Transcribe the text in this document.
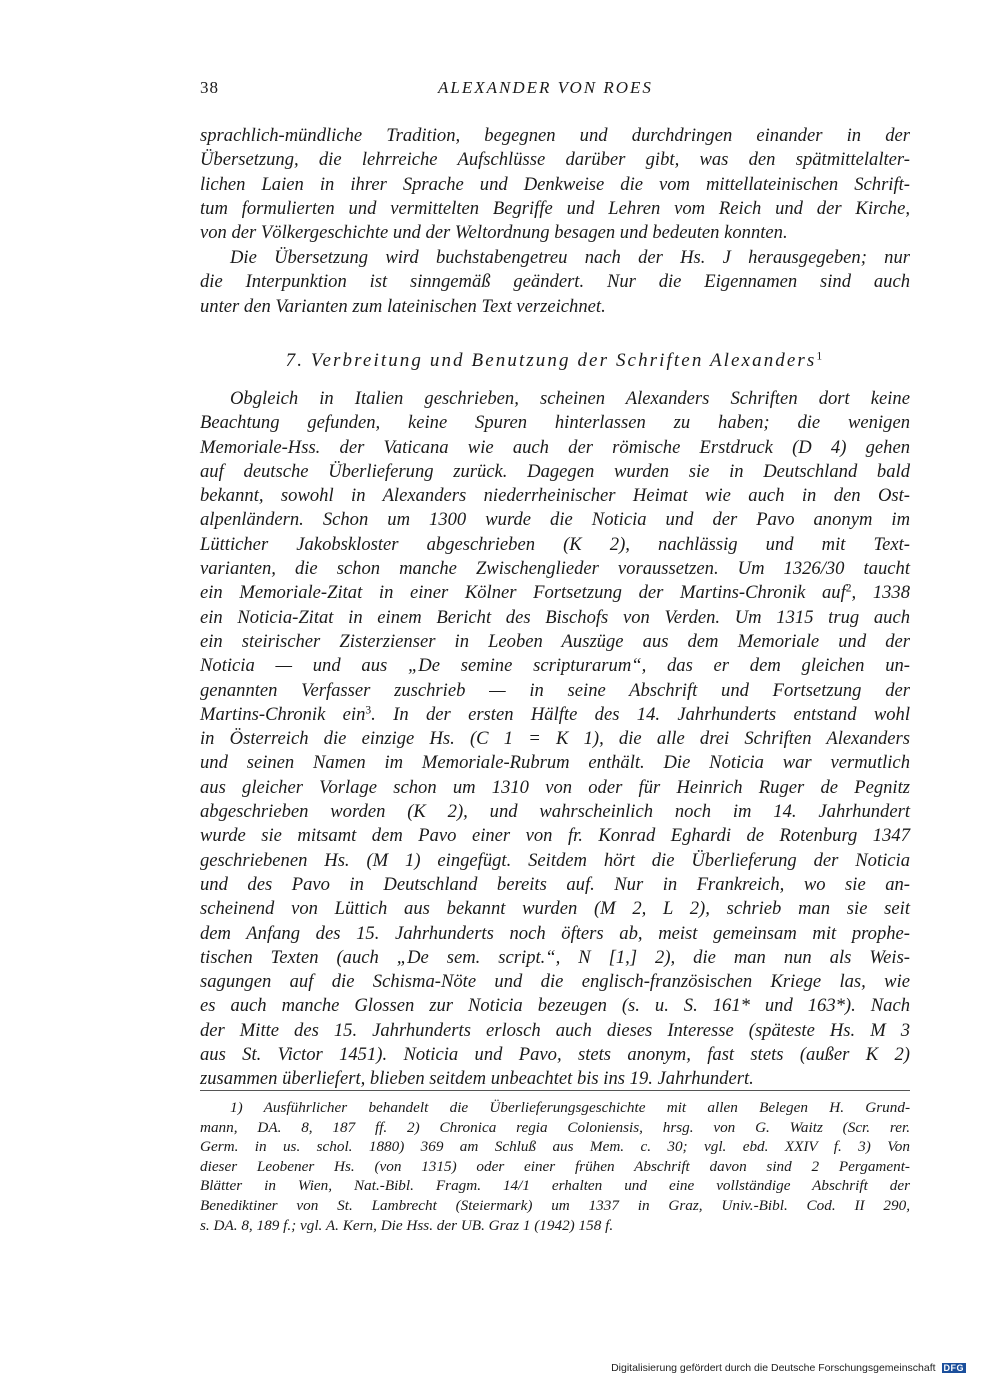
38	ALEXANDER VON ROES
sprachlich-mündliche Tradition, begegnen und durchdringen einander in der
Übersetzung, die lehrreiche Aufschlüsse darüber gibt, was den spätmittelalter-
lichen Laien in ihrer Sprache und Denkweise die vom mittellateinischen Schrift-
tum formulierten und vermittelten Begriffe und Lehren vom Reich und der Kirche,
von der Völkergeschichte und der Weltordnung besagen und bedeuten konnten.
Die Übersetzung wird buchstabengetreu nach der Hs. J herausgegeben; nur
die Interpunktion ist sinngemäß geändert. Nur die Eigennamen sind auch
unter den Varianten zum lateinischen Text verzeichnet.
7. Verbreitung und Benutzung der Schriften Alexanders$^1$
Obgleich in Italien geschrieben, scheinen Alexanders Schriften dort keine
Beachtung gefunden, keine Spuren hinterlassen zu haben; die wenigen
Memoriale-Hss. der Vaticana wie auch der römische Erstdruck (D 4) gehen
auf deutsche Überlieferung zurück. Dagegen wurden sie in Deutschland bald
bekannt, sowohl in Alexanders niederrheinischer Heimat wie auch in den Ost-
alpenländern. Schon um 1300 wurde die Noticia und der Pavo anonym im
Lütticher Jakobskloster abgeschrieben (K 2), nachlässig und mit Text-
varianten, die schon manche Zwischenglieder voraussetzen. Um 1326/30 taucht
ein Memoriale-Zitat in einer Kölner Fortsetzung der Martins-Chronik auf$^2$, 1338
ein Noticia-Zitat in einem Bericht des Bischofs von Verden. Um 1315 trug auch
ein steirischer Zisterzienser in Leoben Auszüge aus dem Memoriale und der
Noticia — und aus „De semine scripturarum“, das er dem gleichen un-
genannten Verfasser zuschrieb — in seine Abschrift und Fortsetzung der
Martins-Chronik ein$^3$. In der ersten Hälfte des 14. Jahrhunderts entstand wohl
in Österreich die einzige Hs. (C 1 = K 1), die alle drei Schriften Alexanders
und seinen Namen im Memoriale-Rubrum enthält. Die Noticia war vermutlich
aus gleicher Vorlage schon um 1310 von oder für Heinrich Ruger de Pegnitz
abgeschrieben worden (K 2), und wahrscheinlich noch im 14. Jahrhundert
wurde sie mitsamt dem Pavo einer von fr. Konrad Eghardi de Rotenburg 1347
geschriebenen Hs. (M 1) eingefügt. Seitdem hört die Überlieferung der Noticia
und des Pavo in Deutschland bereits auf. Nur in Frankreich, wo sie an-
scheinend von Lüttich aus bekannt wurden (M 2, L 2), schrieb man sie seit
dem Anfang des 15. Jahrhunderts noch öfters ab, meist gemeinsam mit prophe-
tischen Texten (auch „De sem. script.“, N [1,] 2), die man nun als Weis-
sagungen auf die Schisma-Nöte und die englisch-französischen Kriege las, wie
es auch manche Glossen zur Noticia bezeugen (s. u. S. 161* und 163*). Nach
der Mitte des 15. Jahrhunderts erlosch auch dieses Interesse (späteste Hs. M 3
aus St. Victor 1451). Noticia und Pavo, stets anonym, fast stets (außer K 2)
zusammen überliefert, blieben seitdem unbeachtet bis ins 19. Jahrhundert.
1) Ausführlicher behandelt die Überlieferungsgeschichte mit allen Belegen H. Grund-
mann, DA. 8, 187 ff. 2) Chronica regia Coloniensis, hrsg. von G. Waitz (Scr. rer.
Germ. in us. schol. 1880) 369 am Schluß aus Mem. c. 30; vgl. ebd. XXIV f. 3) Von
dieser Leobener Hs. (von 1315) oder einer frühen Abschrift davon sind 2 Pergament-
Blätter in Wien, Nat.-Bibl. Fragm. 14/1 erhalten und eine vollständige Abschrift der
Benediktiner von St. Lambrecht (Steiermark) um 1337 in Graz, Univ.-Bibl. Cod. II 290,
s. DA. 8, 189 f.; vgl. A. Kern, Die Hss. der UB. Graz 1 (1942) 158 f.
Digitalisierung gefördert durch die Deutsche Forschungsgemeinschaft DFG
